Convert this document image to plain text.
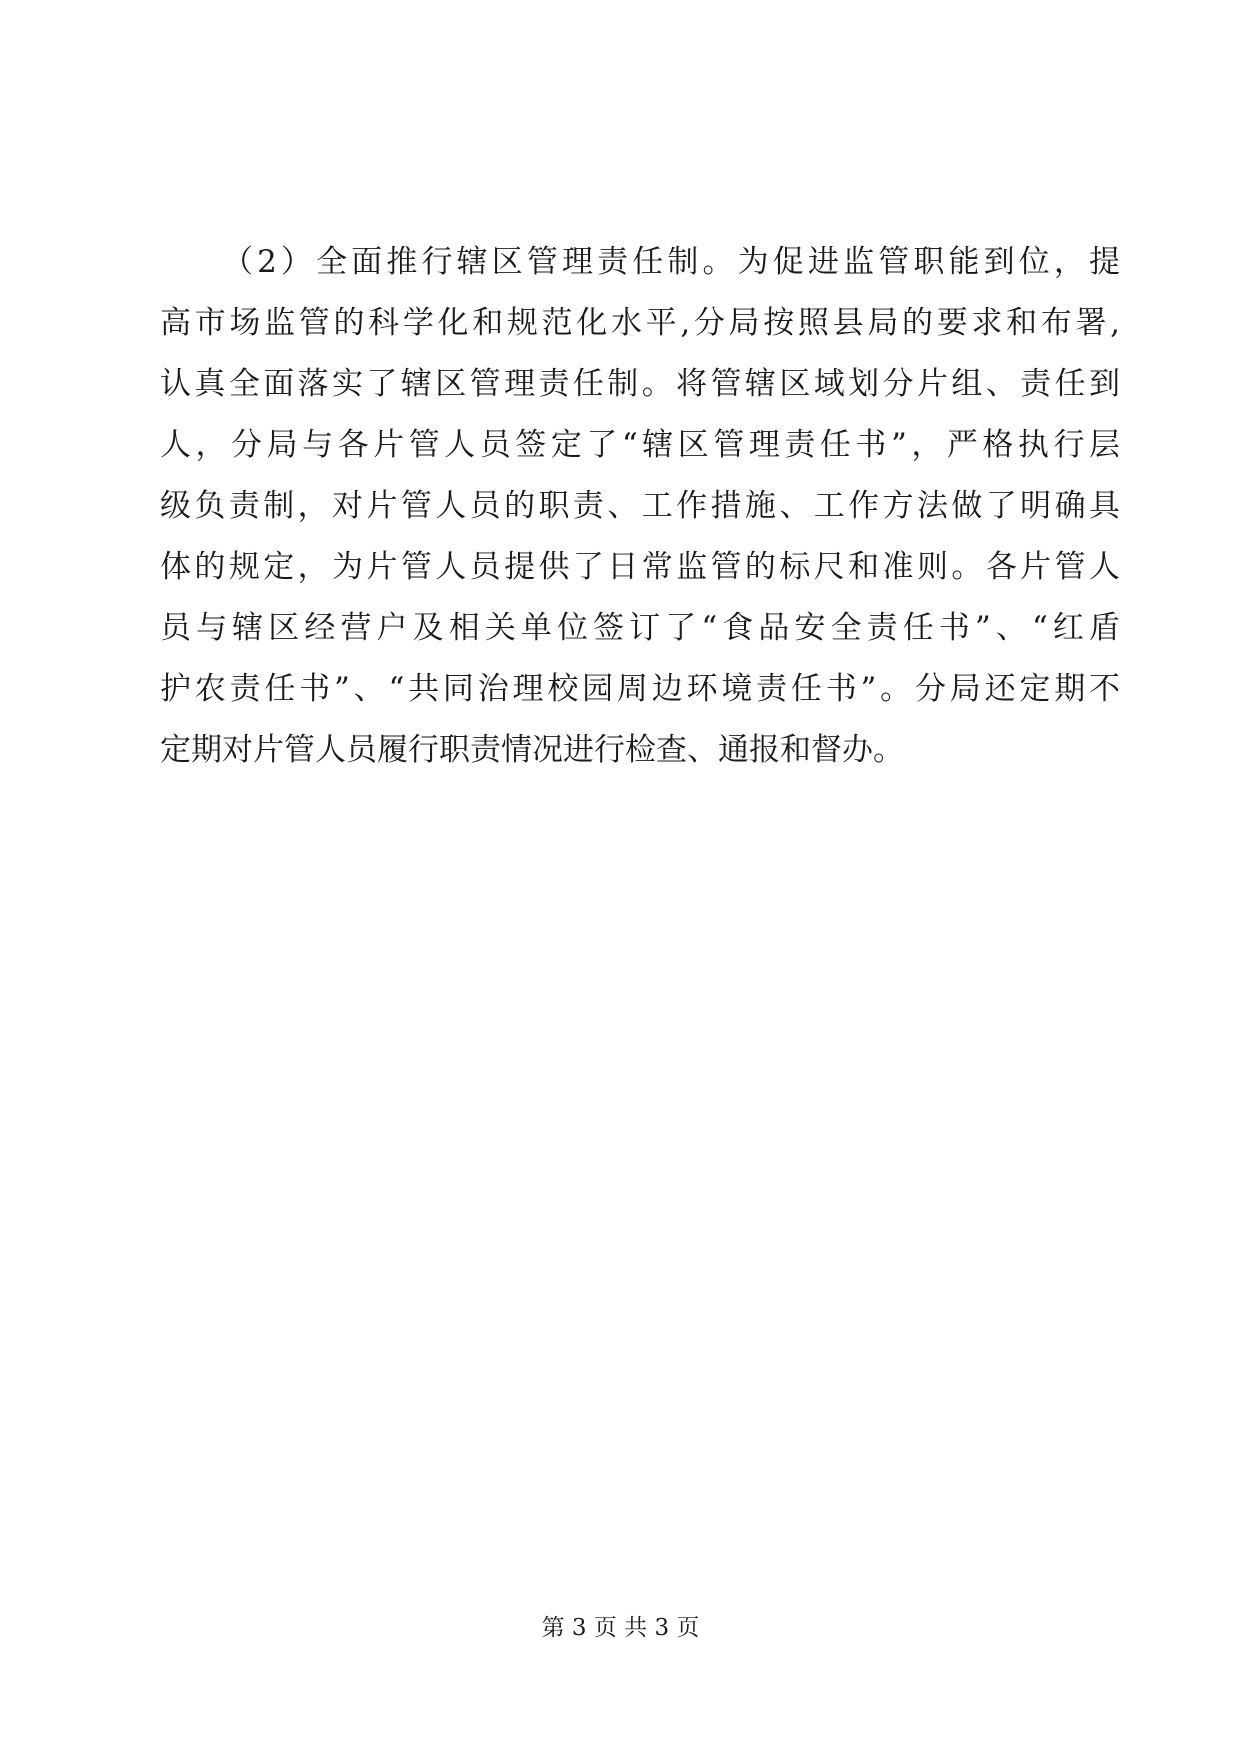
（2）全面推行辖区管理责任制。为促进监管职能到位，提
高市场监管的科学化和规范化水平,分局按照县局的要求和布署,
认真全面落实了辖区管理责任制。将管辖区域划分片组、责任到
人，分局与各片管人员签定了“辖区管理责任书”，严格执行层
级负责制，对片管人员的职责、工作措施、工作方法做了明确具
体的规定，为片管人员提供了日常监管的标尺和准则。各片管人
员与辖区经营户及相关单位签订了“食品安全责任书”、“红盾
护农责任书”、“共同治理校园周边环境责任书”。分局还定期不
定期对片管人员履行职责情况进行检查、通报和督办。
第 3 页 共 3 页
